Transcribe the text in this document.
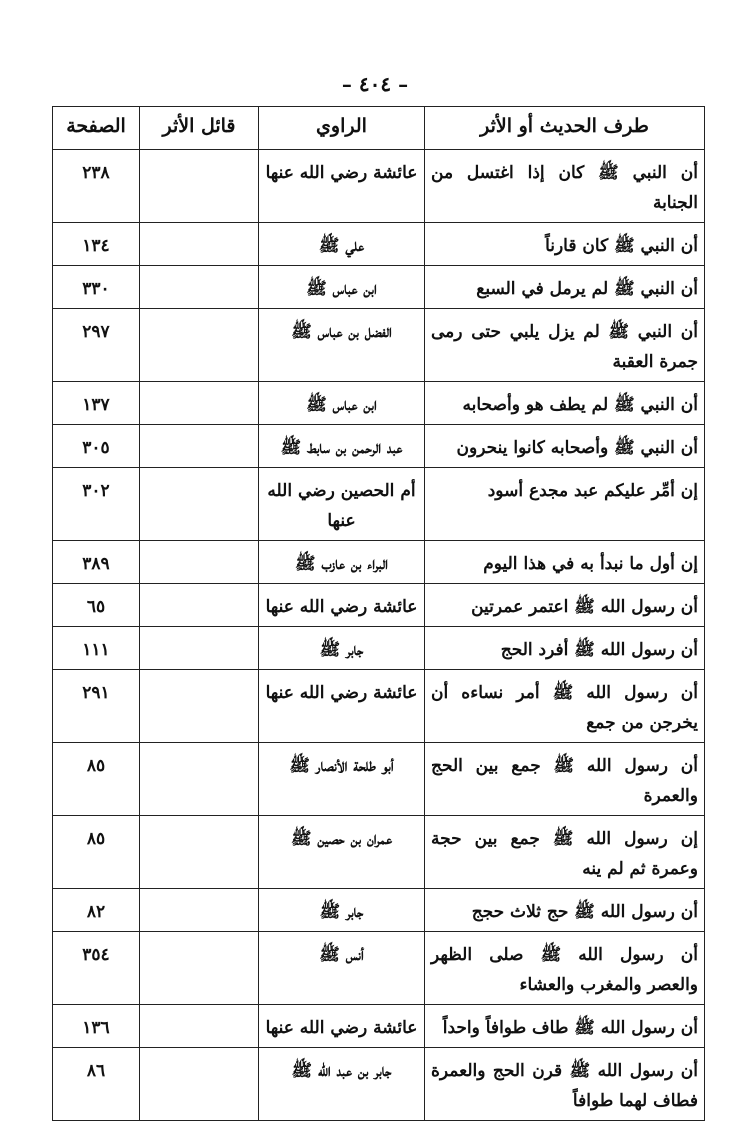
– ٤٠٤ –
طرف الحديث أو الأثر	الراوي	قائل الأثر	الصفحة
أن النبي ﷺ كان إذا اغتسل من الجنابة	عائشة رضي الله عنها		٢٣٨
أن النبي ﷺ كان قارناً	علي ﷺ		١٣٤
أن النبي ﷺ لم يرمل في السبع	ابن عباس ﷺ		٣٣٠
أن النبي ﷺ لم يزل يلبي حتى رمى جمرة العقبة	الفضل بن عباس ﷺ		٢٩٧
أن النبي ﷺ لم يطف هو وأصحابه	ابن عباس ﷺ		١٣٧
أن النبي ﷺ وأصحابه كانوا ينحرون	عبد الرحمن بن سابط ﷺ		٣٠٥
إن أمِّر عليكم عبد مجدع أسود	أم الحصين رضي الله عنها		٣٠٢
إن أول ما نبدأ به في هذا اليوم	البراء بن عازب ﷺ		٣٨٩
أن رسول الله ﷺ اعتمر عمرتين	عائشة رضي الله عنها		٦٥
أن رسول الله ﷺ أفرد الحج	جابر ﷺ		١١١
أن رسول الله ﷺ أمر نساءه أن يخرجن من جمع	عائشة رضي الله عنها		٢٩١
أن رسول الله ﷺ جمع بين الحج والعمرة	أبو طلحة الأنصار ﷺ		٨٥
إن رسول الله ﷺ جمع بين حجة وعمرة ثم لم ينه	عمران بن حصين ﷺ		٨٥
أن رسول الله ﷺ حج ثلاث حجج	جابر ﷺ		٨٢
أن رسول الله ﷺ صلى الظهر والعصر والمغرب والعشاء	أنس ﷺ		٣٥٤
أن رسول الله ﷺ طاف طوافاً واحداً	عائشة رضي الله عنها		١٣٦
أن رسول الله ﷺ قرن الحج والعمرة فطاف لهما طوافاً	جابر بن عبد الله ﷺ		٨٦
